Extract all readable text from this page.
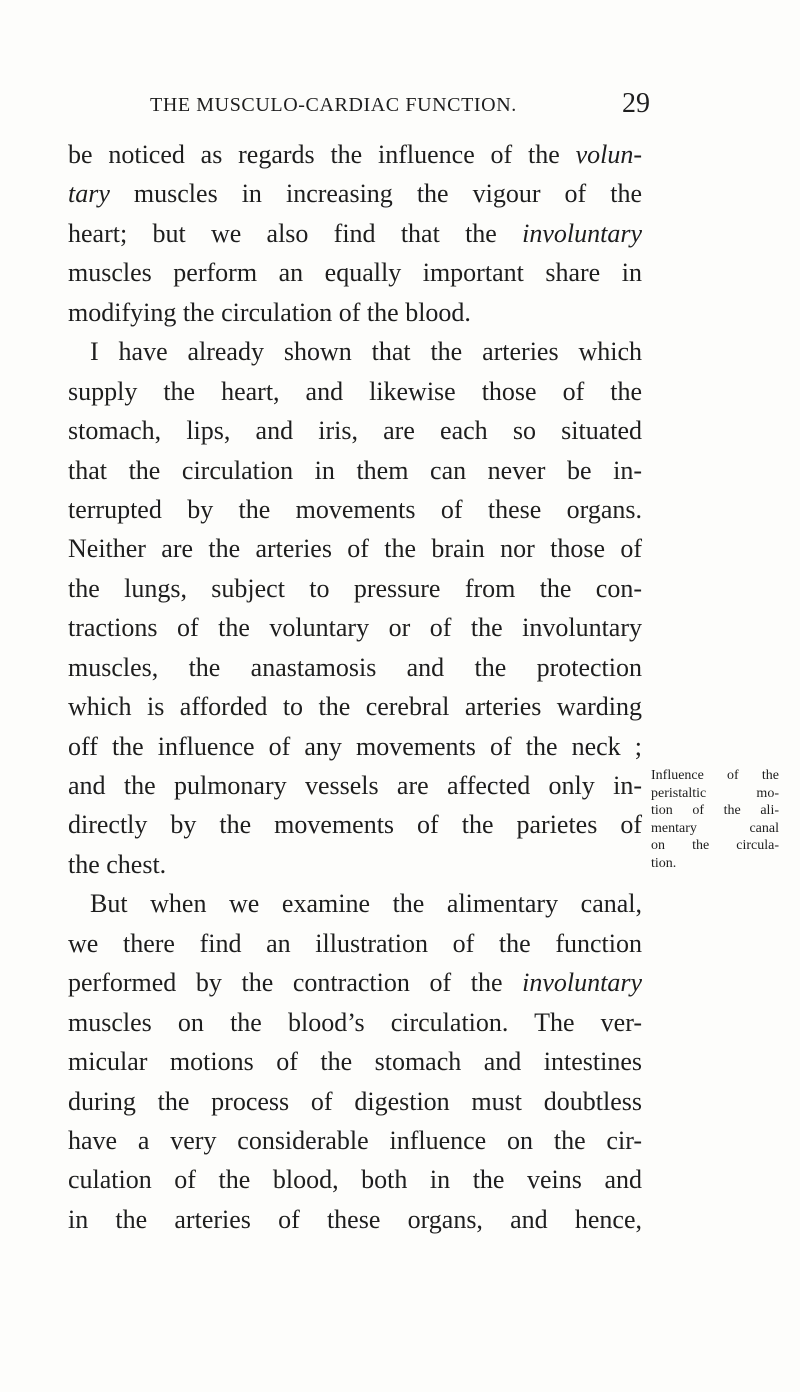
THE MUSCULO-CARDIAC FUNCTION.	29
be noticed as regards the influence of the volun-
tary muscles in increasing the vigour of the
heart; but we also find that the involuntary
muscles perform an equally important share in
modifying the circulation of the blood.
I have already shown that the arteries which
supply the heart, and likewise those of the
stomach, lips, and iris, are each so situated
that the circulation in them can never be in-
terrupted by the movements of these organs.
Neither are the arteries of the brain nor those of
the lungs, subject to pressure from the con-
tractions of the voluntary or of the involuntary
muscles, the anastamosis and the protection
which is afforded to the cerebral arteries warding
off the influence of any movements of the neck ;
and the pulmonary vessels are affected only in-
directly by the movements of the parietes of
the chest.
But when we examine the alimentary canal,
we there find an illustration of the function
performed by the contraction of the involuntary
muscles on the blood’s circulation. The ver-
micular motions of the stomach and intestines
during the process of digestion must doubtless
have a very considerable influence on the cir-
culation of the blood, both in the veins and
in the arteries of these organs, and hence,
Influence of the
peristaltic mo-
tion of the ali-
mentary canal
on the circula-
tion.
